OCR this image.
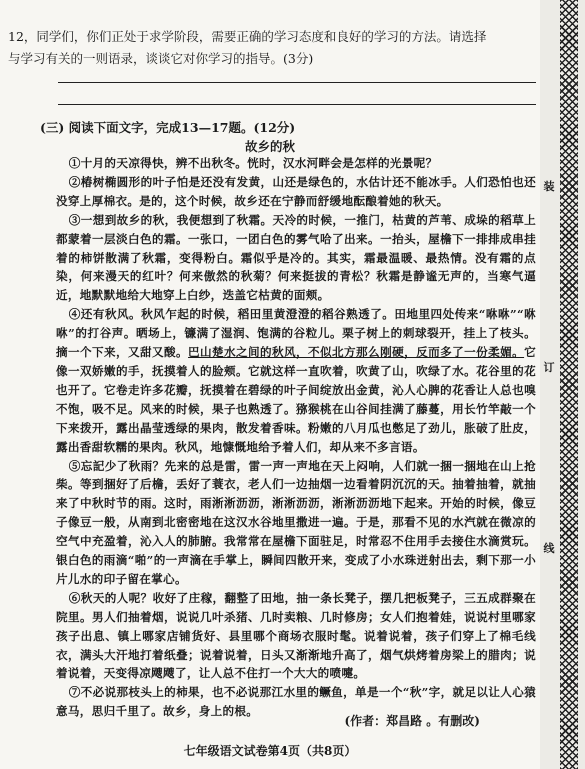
12，同学们，你们正处于求学阶段，需要正确的学习态度和良好的学习的方法。请选择

与学习有关的一则语录，谈谈它对你学习的指导。(3分)

(三) 阅读下面文字，完成13—17题。(12分)
故乡的秋

①十月的天凉得快，辨不出秋冬。恍时，汉水河畔会是怎样的光景呢？

②椿树椭圆形的叶子怕是还没有发黄，山还是绿色的，水估计还不能冰手。人们恐怕也还没穿上厚棉衣。是的，这个时候，故乡还在宁静而舒缓地酝酿着她的秋天。

③一想到故乡的秋，我便想到了秋霜。天冷的时候，一推门，枯黄的芦苇、成垛的稻草上都蒙着一层淡白色的霜。一张口，一团白色的雾气哈了出来。一抬头，屋檐下一排排成串挂着的柿饼散满了秋霜，变得粉白。霜似乎是冷的。其实，霜最温暖、最热情。没有霜的点染，何来漫天的红叶？何来傲然的秋菊？何来挺拔的青松？秋霜是静谧无声的，当寒气逼近，地默默地给大地穿上白纱，迭盖它枯黄的面颊。

④还有秋风。秋风乍起的时候，稻田里黄澄澄的稻谷熟透了。田地里四处传来“咻咻”“咻咻”的打谷声。晒场上，镰满了湿润、饱满的谷粒儿。栗子树上的刺球裂开，挂上了枝头。摘一个下来，又甜又酸。巴山楚水之间的秋风，不似北方那么刚硬，反而多了一份柔媚。它像一双娇嫩的手，抚摸着人的脸颊。它就这样一直吹着，吹黄了山，吹绿了水。花谷里的花也开了。它卷走许多花瓣，抚摸着在碧绿的叶子间绽放出金黄，沁人心脾的花香让人总也嗅不饱，吸不足。风来的时候，果子也熟透了。猕猴桃在山谷间挂满了藤蔓，用长竹竿敲一个下来拨开，露出晶莹透绿的果肉，散发着香味。粉嫩的八月瓜也憋足了劲儿，胀破了肚皮，露出香甜软糯的果肉。秋风，地慷慨地给予着人们，却从来不多言语。

⑤忘記少了秋雨？先来的总是雷，雷一声一声地在天上闷响，人们就一捆一捆地在山上抢柴。等到捆好了后檐，丢好了蓑衣，老人们一边抽烟一边看着阴沉沉的天。抽着抽着，就抽来了中秋时节的雨。这时，雨淅淅沥沥，淅淅沥沥，淅淅沥沥地下起来。开始的时候，像豆子像豆一般，从南到北密密地在这汉水谷地里撒进一遍。于是，那看不见的水汽就在微凉的空气中充盈着，沁入人的肺腑。我常常在屋檐下面驻足，时常忍不住用手去接住水滴赏玩。银白色的雨滴“啪”的一声滴在手掌上，瞬间四散开来，变成了小水珠迸射出去，剩下那一小片儿水的印子留在掌心。

⑥秋天的人呢？收好了庄稼，翻整了田地，抽一条长凳子，摆几把板凳子，三五成群聚在院里。男人们抽着烟，说说几叶杀猪、几时卖粮、几时修房；女人们抱着娃，说说村里哪家孩子出息、镇上哪家店铺货好、县里哪个商场衣服时髦。说着说着，孩子们穿上了棉毛线衣，满头大汗地打着纸叠；说着说着，日头又渐渐地升高了，烟气烘烤着房梁上的腊肉；说着说着，天变得凉飕飕了，让人总不住打一个大大的喷嚏。

⑦不必说那枝头上的柿果，也不必说那江水里的鳜鱼，单是一个“秋”字，就足以让人心猿意马，思归千里了。故乡，身上的根。

(作者：郑昌路 。有删改)
七年级语文试卷第4页（共8页）
装
订
线
